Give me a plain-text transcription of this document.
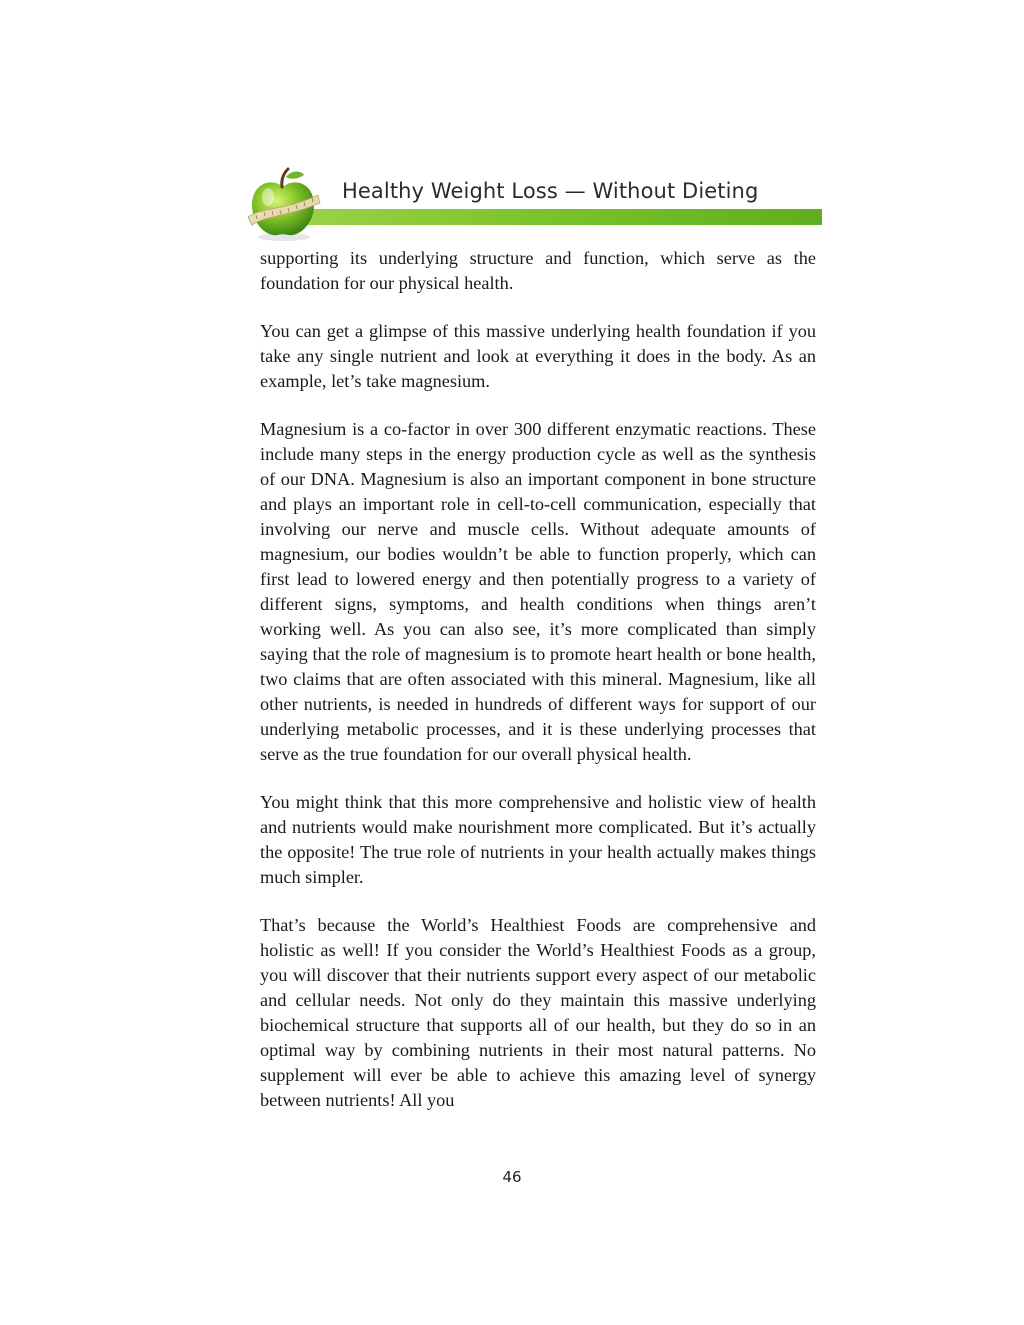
Healthy Weight Loss — Without Dieting

supporting its underlying structure and function, which serve as the foundation for our physical health.

You can get a glimpse of this massive underlying health foundation if you take any single nutrient and look at everything it does in the body. As an example, let’s take magnesium.

Magnesium is a co-factor in over 300 different enzymatic reactions. These include many steps in the energy production cycle as well as the synthesis of our DNA. Magnesium is also an important component in bone structure and plays an important role in cell-to-cell communication, especially that involving our nerve and muscle cells. Without adequate amounts of magnesium, our bodies wouldn’t be able to function properly, which can first lead to lowered energy and then potentially progress to a variety of different signs, symptoms, and health conditions when things aren’t working well. As you can also see, it’s more complicated than simply saying that the role of magnesium is to promote heart health or bone health, two claims that are often associated with this mineral. Magnesium, like all other nutrients, is needed in hundreds of different ways for support of our underlying metabolic processes, and it is these underlying processes that serve as the true foundation for our overall physical health.

You might think that this more comprehensive and holistic view of health and nutrients would make nourishment more complicated. But it’s actually the opposite! The true role of nutrients in your health actually makes things much simpler.

That’s because the World’s Healthiest Foods are comprehensive and holistic as well! If you consider the World’s Healthiest Foods as a group, you will discover that their nutrients support every aspect of our metabolic and cellular needs. Not only do they maintain this massive underlying biochemical structure that supports all of our health, but they do so in an optimal way by combining nutrients in their most natural patterns. No supplement will ever be able to achieve this amazing level of synergy between nutrients! All you

46
